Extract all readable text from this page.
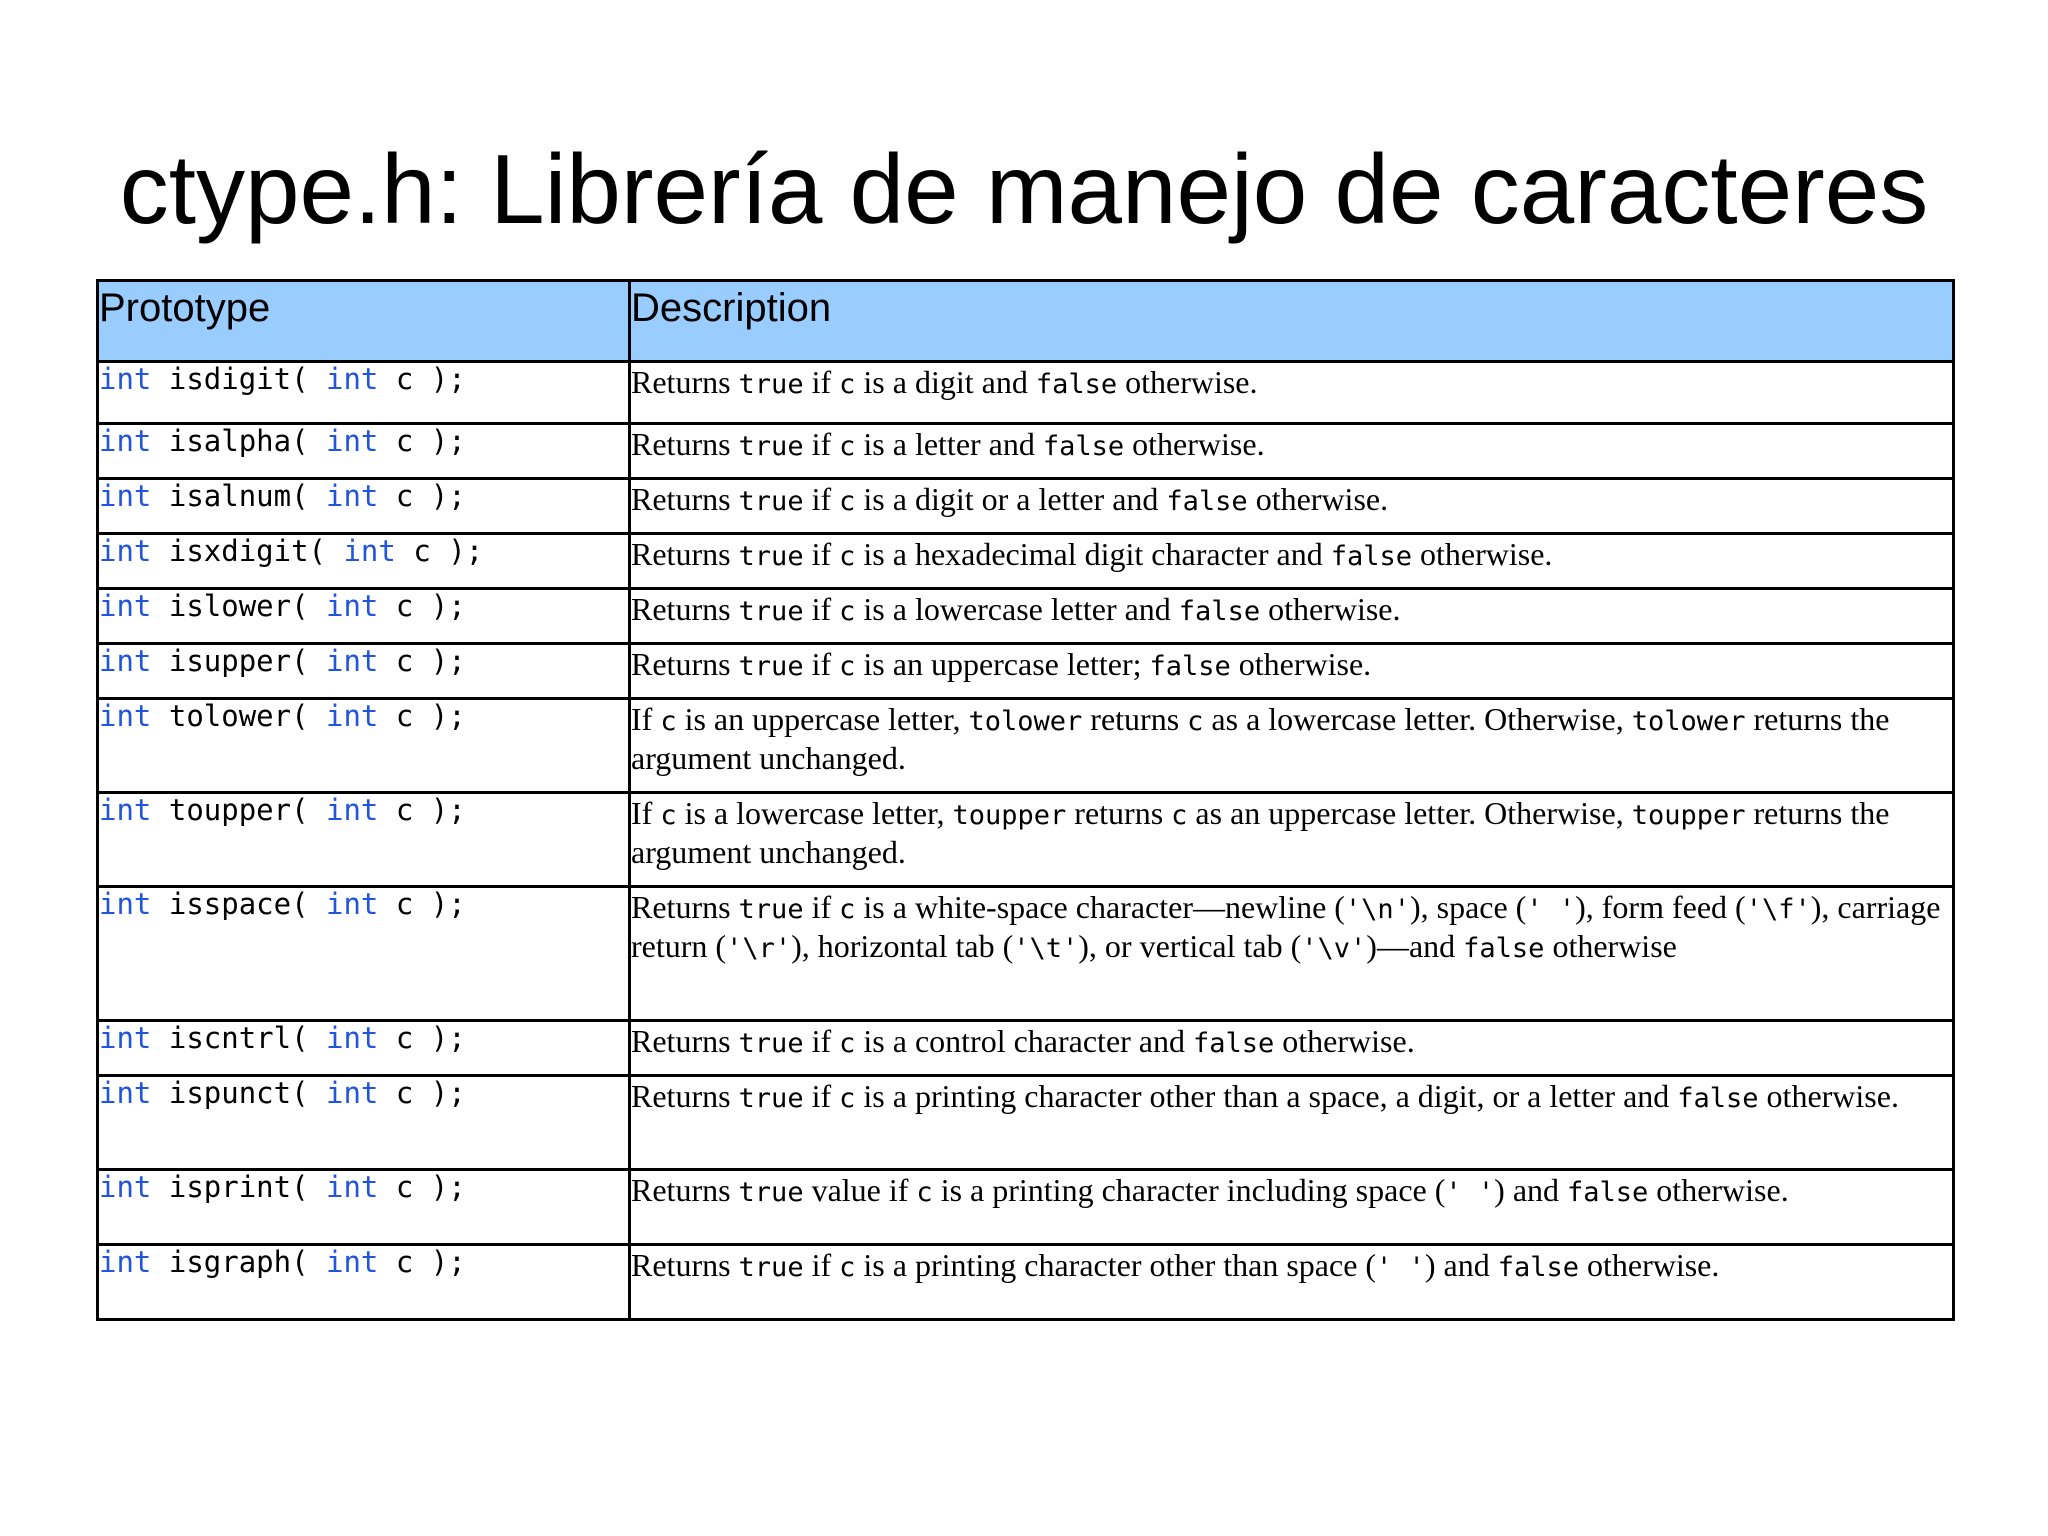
ctype.h: Librería de manejo de caracteres
Prototype	Description
int isdigit( int c );	Returns true if c is a digit and false otherwise.
int isalpha( int c );	Returns true if c is a letter and false otherwise.
int isalnum( int c );	Returns true if c is a digit or a letter and false otherwise.
int isxdigit( int c );	Returns true if c is a hexadecimal digit character and false otherwise.
int islower( int c );	Returns true if c is a lowercase letter and false otherwise.
int isupper( int c );	Returns true if c is an uppercase letter; false otherwise.
int tolower( int c );	If c is an uppercase letter, tolower returns c as a lowercase letter. Otherwise, tolower returns the argument unchanged.
int toupper( int c );	If c is a lowercase letter, toupper returns c as an uppercase letter. Otherwise, toupper returns the argument unchanged.
int isspace( int c );	Returns true if c is a white-space character—newline ('\n'), space (' '), form feed ('\f'), carriage return ('\r'), horizontal tab ('\t'), or vertical tab ('\v')—and false otherwise
int iscntrl( int c );	Returns true if c is a control character and false otherwise.
int ispunct( int c );	Returns true if c is a printing character other than a space, a digit, or a letter and false otherwise.
int isprint( int c );	Returns true value if c is a printing character including space (' ') and false otherwise.
int isgraph( int c );	Returns true if c is a printing character other than space (' ') and false otherwise.
